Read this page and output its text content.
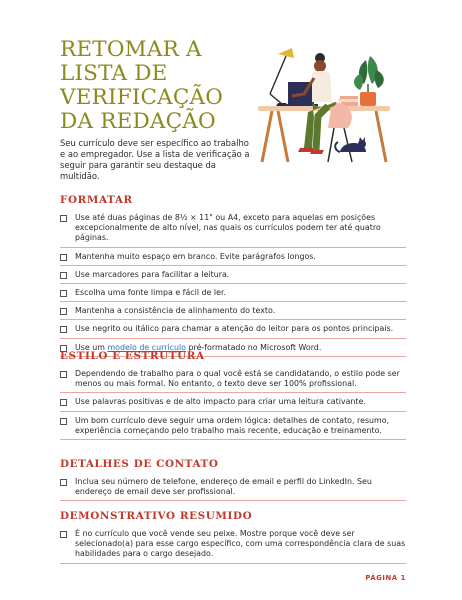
RETOMAR A
LISTA DE
VERIFICAÇÃO
DA REDAÇÃO
Seu currículo deve ser específico ao trabalho e ao empregador. Use a lista de verificação a seguir para garantir seu destaque da multidão.
FORMATAR
Use até duas páginas de 8½ × 11" ou A4, exceto para aquelas em posições excepcionalmente de alto nível, nas quais os currículos podem ter até quatro páginas.
Mantenha muito espaço em branco. Evite parágrafos longos.
Use marcadores para facilitar a leitura.
Escolha uma fonte limpa e fácil de ler.
Mantenha a consistência de alinhamento do texto.
Use negrito ou itálico para chamar a atenção do leitor para os pontos principais.
Use um modelo de currículo pré-formatado no Microsoft Word.
ESTILO E ESTRUTURA
Dependendo de trabalho para o qual você está se candidatando, o estilo pode ser menos ou mais formal. No entanto, o texto deve ser 100% profissional.
Use palavras positivas e de alto impacto para criar uma leitura cativante.
Um bom currículo deve seguir uma ordem lógica: detalhes de contato, resumo, experiência começando pelo trabalho mais recente, educação e treinamento.
DETALHES DE CONTATO
Inclua seu número de telefone, endereço de email e perfil do LinkedIn. Seu endereço de email deve ser profissional.
DEMONSTRATIVO RESUMIDO
É no currículo que você vende seu peixe. Mostre porque você deve ser selecionado(a) para esse cargo específico, com uma correspondência clara de suas habilidades para o cargo desejado.
PÁGINA 1
